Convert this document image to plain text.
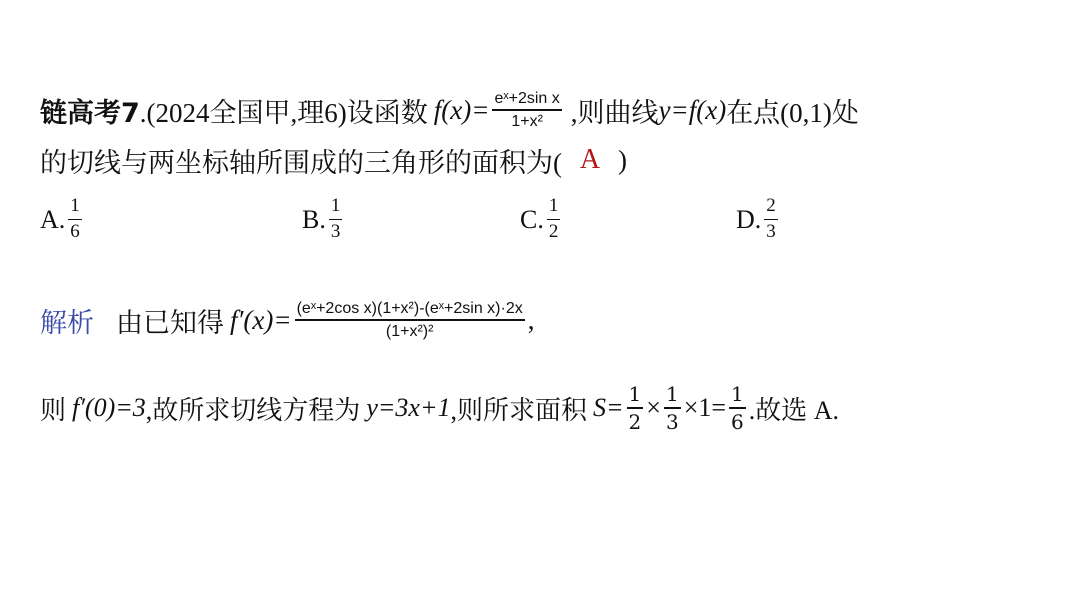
链高考7 .(2024全国甲,理6)设函数 $f(x)= \frac{\text{eˣ+2sin x}}{\text{1+x²}}$ ,则曲线 y=f(x) 在点(0,1)处
的切线与两坐标轴所围成的三角形的面积为( A )
A. $\frac{1}{6}$	B. $\frac{1}{3}$	C. $\frac{1}{2}$	D. $\frac{2}{3}$
解析 由已知得 $f'(x)= \frac{\text{(eˣ+2cos x)(1+x²)-(eˣ+2sin x)·2x}}{\text{(1+x²)²}}$ ,
则 f′(0)=3 ,故所求切线方程为 y=3x+1 ,则所求面积 $S= \frac{1}{2} \times \frac{1}{3} \times 1= \frac{1}{6}$ .故选 A.
